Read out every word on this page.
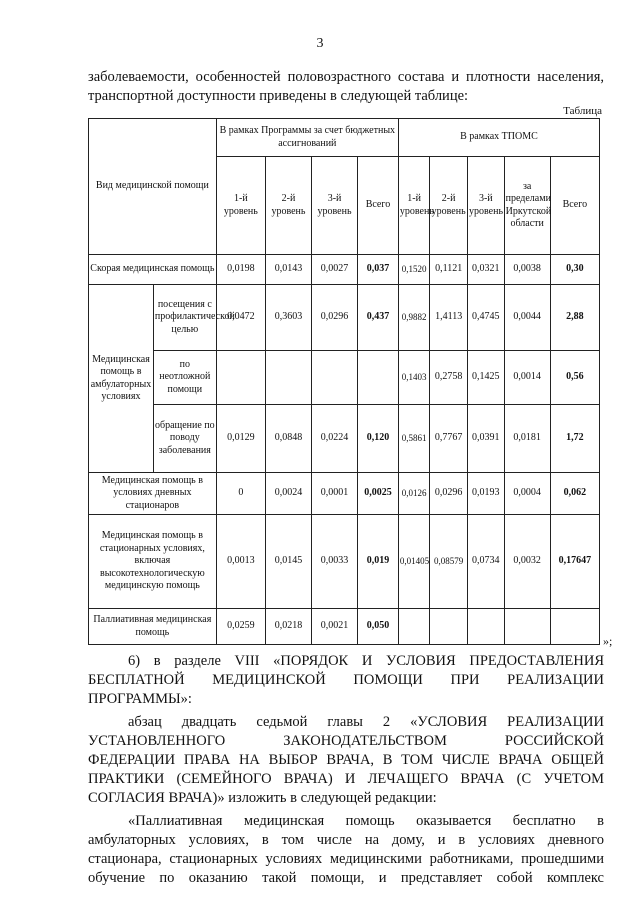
3
заболеваемости, особенностей половозрастного состава и плотности населения,
транспортной доступности приведены в следующей таблице:
Таблица
Вид медицинской помощи		В рамках Программы за счет бюджетных ассигнований				В рамках ТПОМС				
		1-й уровень	2-й уровень	3-й уровень	Всего	1-й уровень	2-й уровень	3-й уровень	за пределами Иркутской области	Всего
Скорая медицинская помощь		0,0198	0,0143	0,0027	0,037	0,1520	0,1121	0,0321	0,0038	0,30
Медицинская помощь в амбулаторных условиях	посещения с профилактической целью	0,0472	0,3603	0,0296	0,437	0,9882	1,4113	0,4745	0,0044	2,88
	по неотложной помощи					0,1403	0,2758	0,1425	0,0014	0,56
	обращение по поводу заболевания	0,0129	0,0848	0,0224	0,120	0,5861	0,7767	0,0391	0,0181	1,72
Медицинская помощь в условиях дневных стационаров		0	0,0024	0,0001	0,0025	0,0126	0,0296	0,0193	0,0004	0,062
Медицинская помощь в стационарных условиях, включая высокотехнологическую медицинскую помощь		0,0013	0,0145	0,0033	0,019	0,01405	0,08579	0,0734	0,0032	0,17647
Паллиативная медицинская помощь		0,0259	0,0218	0,0021	0,050					
»;
6) в разделе VIII «ПОРЯДОК И УСЛОВИЯ ПРЕДОСТАВЛЕНИЯ
БЕСПЛАТНОЙ МЕДИЦИНСКОЙ ПОМОЩИ ПРИ РЕАЛИЗАЦИИ
ПРОГРАММЫ»:
абзац двадцать седьмой главы 2 «УСЛОВИЯ РЕАЛИЗАЦИИ
УСТАНОВЛЕННОГО ЗАКОНОДАТЕЛЬСТВОМ РОССИЙСКОЙ
ФЕДЕРАЦИИ ПРАВА НА ВЫБОР ВРАЧА, В ТОМ ЧИСЛЕ ВРАЧА ОБЩЕЙ
ПРАКТИКИ (СЕМЕЙНОГО ВРАЧА) И ЛЕЧАЩЕГО ВРАЧА (С УЧЕТОМ
СОГЛАСИЯ ВРАЧА)» изложить в следующей редакции:
«Паллиативная медицинская помощь оказывается бесплатно в
амбулаторных условиях, в том числе на дому, и в условиях дневного
стационара, стационарных условиях медицинскими работниками, прошедшими
обучение по оказанию такой помощи, и представляет собой комплекс
